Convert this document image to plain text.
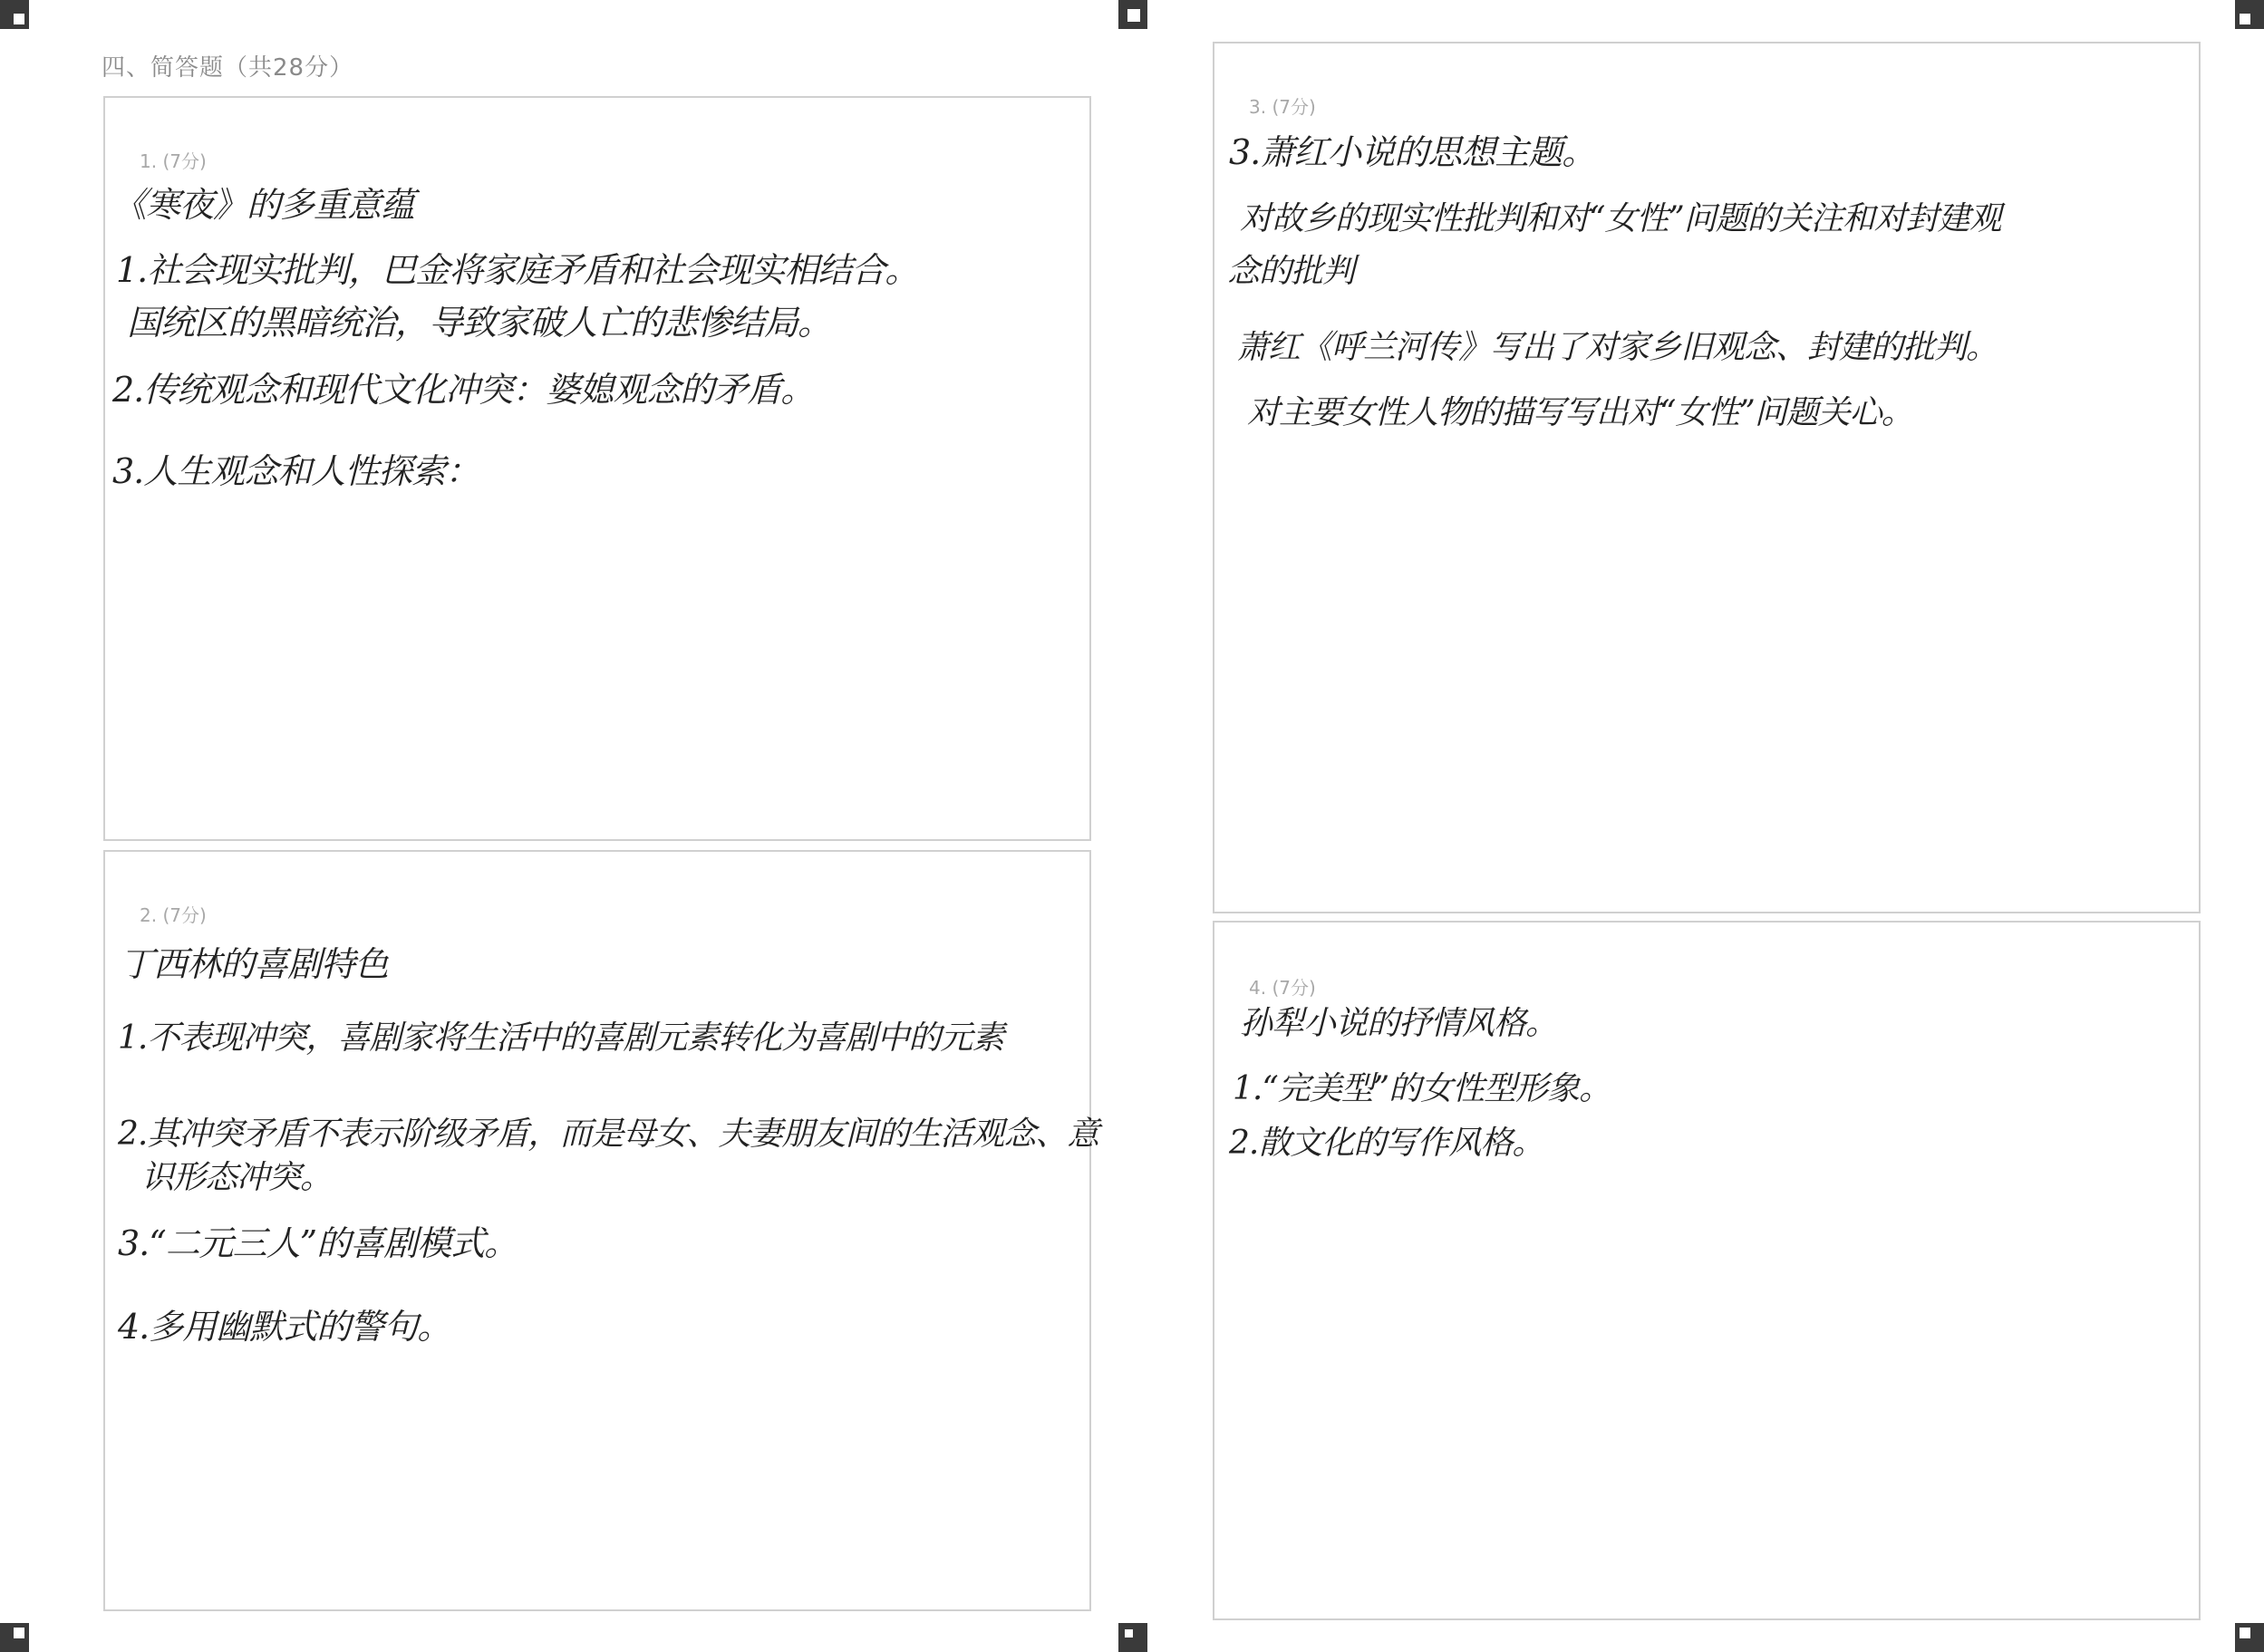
四、简答题（共28分）
1. (7分)
《寒夜》的多重意蕴
1.社会现实批判，巴金将家庭矛盾和社会现实相结合。
国统区的黑暗统治，导致家破人亡的悲惨结局。
2.传统观念和现代文化冲突：婆媳观念的矛盾。
3.人生观念和人性探索：
2. (7分)
丁西林的喜剧特色
1.不表现冲突，喜剧家将生活中的喜剧元素转化为喜剧中的元素
2.其冲突矛盾不表示阶级矛盾，而是母女、夫妻朋友间的生活观念、意
识形态冲突。
3.“二元三人”的喜剧模式。
4.多用幽默式的警句。
3. (7分)
3.萧红小说的思想主题。
对故乡的现实性批判和对“女性”问题的关注和对封建观
念的批判
萧红《呼兰河传》写出了对家乡旧观念、封建的批判。
对主要女性人物的描写写出对“女性”问题关心。
4. (7分)
孙犁小说的抒情风格。
1.“完美型”的女性型形象。
2.散文化的写作风格。
